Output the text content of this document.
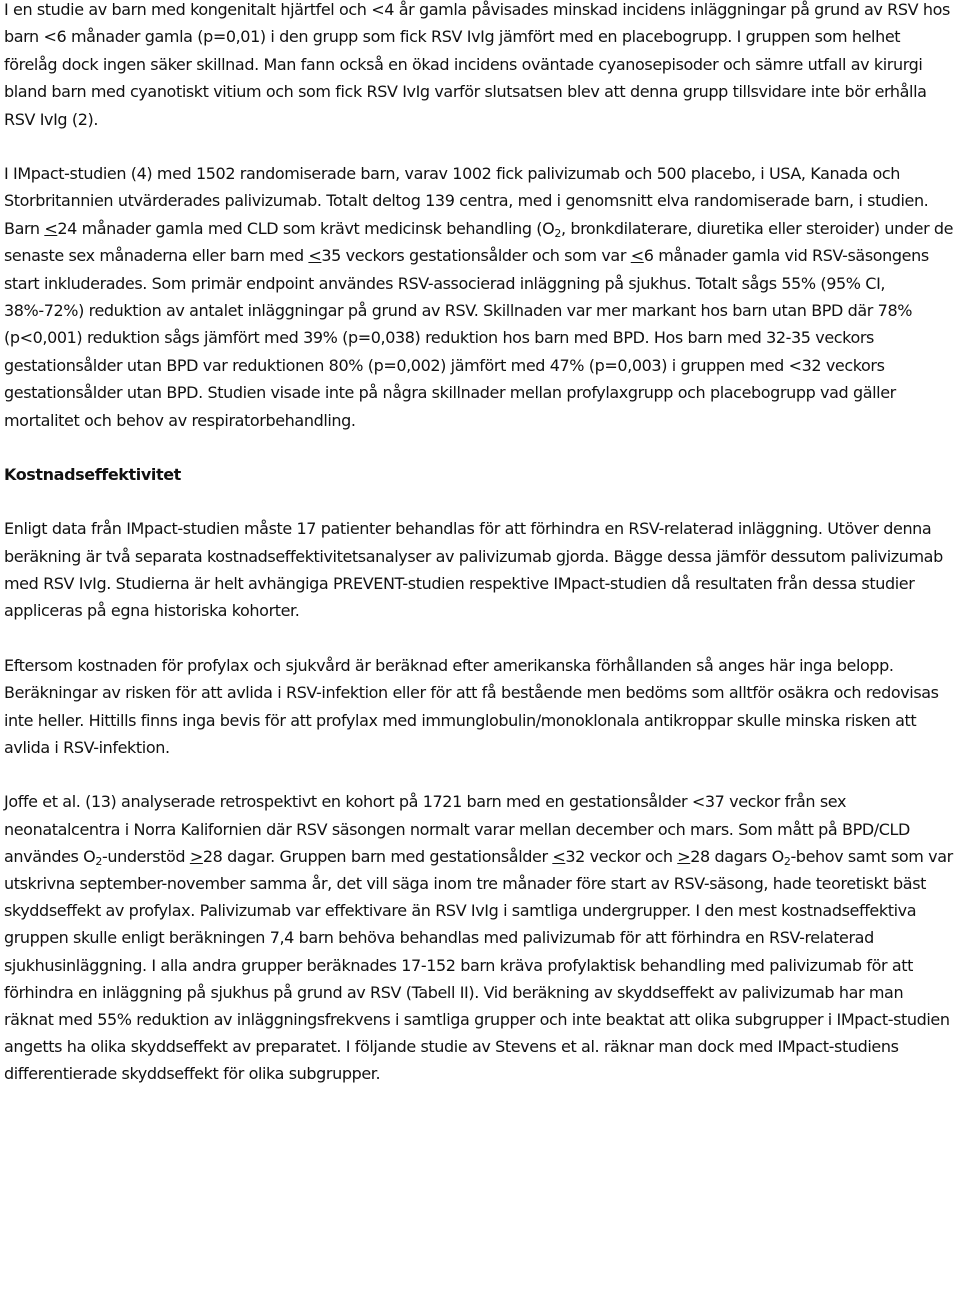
I en studie av barn med kongenitalt hjärtfel och <4 år gamla påvisades minskad incidens inläggningar på grund av RSV hos barn <6 månader gamla (p=0,01) i den grupp som fick RSV IvIg jämfört med en placebogrupp. I gruppen som helhet förelåg dock ingen säker skillnad. Man fann också en ökad incidens oväntade cyanosepisoder och sämre utfall av kirurgi bland barn med cyanotiskt vitium och som fick RSV IvIg varför slutsatsen blev att denna grupp tillsvidare inte bör erhålla RSV IvIg (2).

I IMpact-studien (4) med 1502 randomiserade barn, varav 1002 fick palivizumab och 500 placebo, i USA, Kanada och Storbritannien utvärderades palivizumab. Totalt deltog 139 centra, med i genomsnitt elva randomiserade barn, i studien. Barn <24 månader gamla med CLD som krävt medicinsk behandling ($O_2$, bronkdilaterare, diuretika eller steroider) under de senaste sex månaderna eller barn med <35 veckors gestationsålder och som var <6 månader gamla vid RSV-säsongens start inkluderades. Som primär endpoint användes RSV-associerad inläggning på sjukhus. Totalt sågs 55% (95% CI, 38%-72%) reduktion av antalet inläggningar på grund av RSV. Skillnaden var mer markant hos barn utan BPD där 78% (p<0,001) reduktion sågs jämfört med 39% (p=0,038) reduktion hos barn med BPD. Hos barn med 32-35 veckors gestationsålder utan BPD var reduktionen 80% (p=0,002) jämfört med 47% (p=0,003) i gruppen med <32 veckors gestationsålder utan BPD. Studien visade inte på några skillnader mellan profylaxgrupp och placebogrupp vad gäller mortalitet och behov av respiratorbehandling.

Kostnadseffektivitet

Enligt data från IMpact-studien måste 17 patienter behandlas för att förhindra en RSV-relaterad inläggning. Utöver denna beräkning är två separata kostnadseffektivitetsanalyser av palivizumab gjorda. Bägge dessa jämför dessutom palivizumab med RSV IvIg. Studierna är helt avhängiga PREVENT-studien respektive IMpact-studien då resultaten från dessa studier appliceras på egna historiska kohorter.

Eftersom kostnaden för profylax och sjukvård är beräknad efter amerikanska förhållanden så anges här inga belopp. Beräkningar av risken för att avlida i RSV-infektion eller för att få bestående men bedöms som alltför osäkra och redovisas inte heller. Hittills finns inga bevis för att profylax med immunglobulin/monoklonala antikroppar skulle minska risken att avlida i RSV-infektion.

Joffe et al. (13) analyserade retrospektivt en kohort på 1721 barn med en gestationsålder <37 veckor från sex neonatalcentra i Norra Kalifornien där RSV säsongen normalt varar mellan december och mars. Som mått på BPD/CLD användes $O_2$-understöd >28 dagar. Gruppen barn med gestationsålder <32 veckor och >28 dagars $O_2$-behov samt som var utskrivna september-november samma år, det vill säga inom tre månader före start av RSV-säsong, hade teoretiskt bäst skyddseffekt av profylax. Palivizumab var effektivare än RSV IvIg i samtliga undergrupper. I den mest kostnadseffektiva gruppen skulle enligt beräkningen 7,4 barn behöva behandlas med palivizumab för att förhindra en RSV-relaterad sjukhusinläggning. I alla andra grupper beräknades 17-152 barn kräva profylaktisk behandling med palivizumab för att förhindra en inläggning på sjukhus på grund av RSV (Tabell II). Vid beräkning av skyddseffekt av palivizumab har man räknat med 55% reduktion av inläggningsfrekvens i samtliga grupper och inte beaktat att olika subgrupper i IMpact-studien angetts ha olika skyddseffekt av preparatet. I följande studie av Stevens et al. räknar man dock med IMpact-studiens differentierade skyddseffekt för olika subgrupper.
